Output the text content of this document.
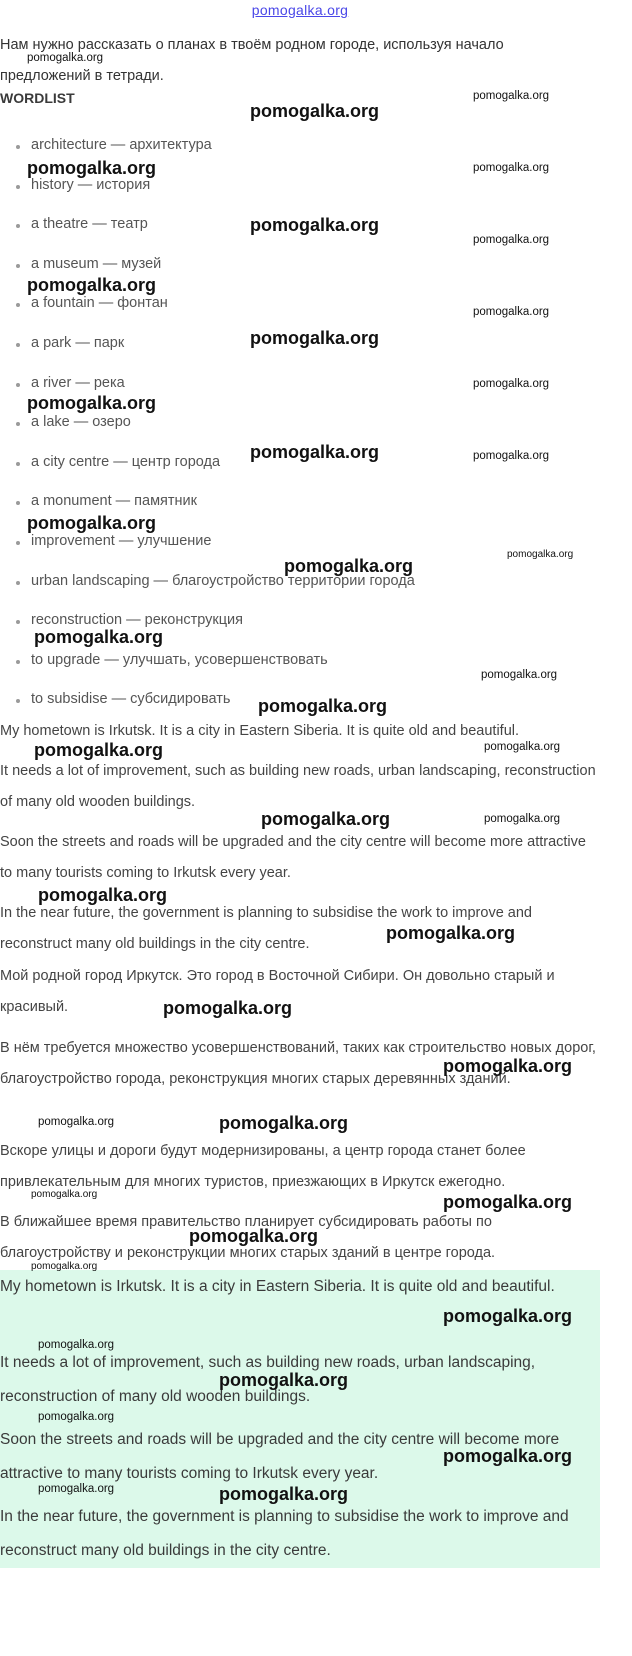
pomogalka.org

Нам нужно рассказать о планах в твоём родном городе, используя начало предложений в тетради.

WORDLIST
architecture — архитектура
history — история
a theatre — театр
a museum — музей
a fountain — фонтан
a park — парк
a river — река
a lake — озеро
a city centre — центр города
a monument — памятник
improvement — улучшение
urban landscaping — благоустройство территории города
reconstruction — реконструкция
to upgrade — улучшать, усовершенствовать
to subsidise — субсидировать

My hometown is Irkutsk. It is a city in Eastern Siberia. It is quite old and beautiful.

It needs a lot of improvement, such as building new roads, urban landscaping, reconstruction of many old wooden buildings.

Soon the streets and roads will be upgraded and the city centre will become more attractive to many tourists coming to Irkutsk every year.

In the near future, the government is planning to subsidise the work to improve and reconstruct many old buildings in the city centre.

Мой родной город Иркутск. Это город в Восточной Сибири. Он довольно старый и красивый.

В нём требуется множество усовершенствований, таких как строительство новых дорог, благоустройство города, реконструкция многих старых деревянных зданий.

Вскоре улицы и дороги будут модернизированы, а центр города станет более привлекательным для многих туристов, приезжающих в Иркутск ежегодно.

В ближайшее время правительство планирует субсидировать работы по благоустройству и реконструкции многих старых зданий в центре города.

My hometown is Irkutsk. It is a city in Eastern Siberia. It is quite old and beautiful.

It needs a lot of improvement, such as building new roads, urban landscaping, reconstruction of many old wooden buildings.

Soon the streets and roads will be upgraded and the city centre will become more attractive to many tourists coming to Irkutsk every year.

In the near future, the government is planning to subsidise the work to improve and reconstruct many old buildings in the city centre.

pomogalka.org
pomogalka.org
pomogalka.org
pomogalka.org	pomogalka.org
pomogalka.org
pomogalka.org
pomogalka.org
pomogalka.org
pomogalka.org
pomogalka.org
pomogalka.org
pomogalka.org	pomogalka.org
pomogalka.org
pomogalka.org
pomogalka.org
pomogalka.org
pomogalka.org
pomogalka.org
pomogalka.org	pomogalka.org
pomogalka.org
pomogalka.org
pomogalka.org
pomogalka.org
pomogalka.org
pomogalka.org
pomogalka.org	pomogalka.org
pomogalka.org	pomogalka.org
pomogalka.org
pomogalka.org
pomogalka.org
pomogalka.org
pomogalka.org
pomogalka.org
pomogalka.org
pomogalka.org	pomogalka.org
